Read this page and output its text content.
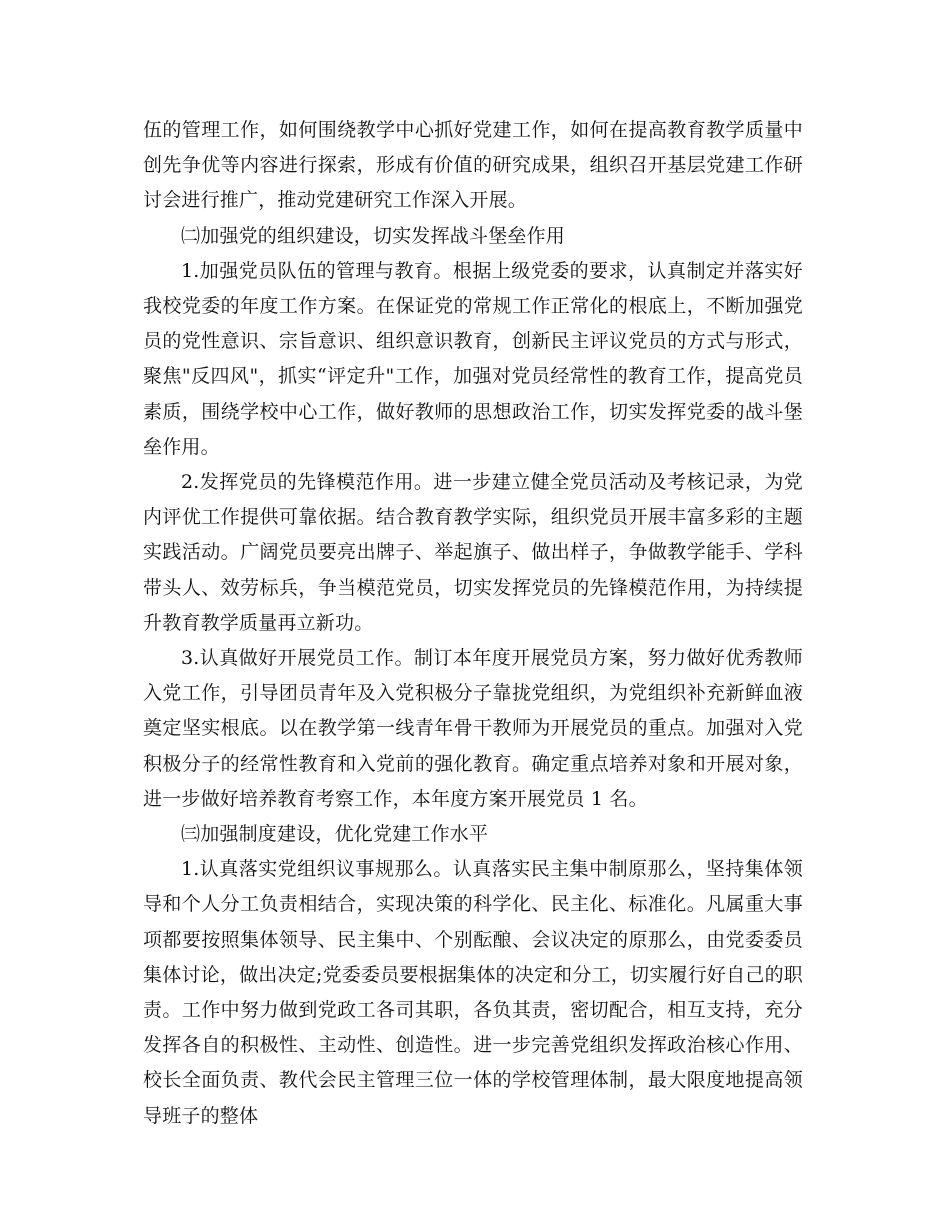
伍的管理工作，如何围绕教学中心抓好党建工作，如何在提高教育教学质量中创先争优等内容进行探索，形成有价值的研究成果，组织召开基层党建工作研讨会进行推广，推动党建研究工作深入开展。

㈡加强党的组织建设，切实发挥战斗堡垒作用

1.加强党员队伍的管理与教育。根据上级党委的要求，认真制定并落实好我校党委的年度工作方案。在保证党的常规工作正常化的根底上，不断加强党员的党性意识、宗旨意识、组织意识教育，创新民主评议党员的方式与形式，聚焦"反四风"，抓实“评定升"工作，加强对党员经常性的教育工作，提高党员素质，围绕学校中心工作，做好教师的思想政治工作，切实发挥党委的战斗堡垒作用。

2.发挥党员的先锋模范作用。进一步建立健全党员活动及考核记录，为党内评优工作提供可靠依据。结合教育教学实际，组织党员开展丰富多彩的主题实践活动。广阔党员要亮出牌子、举起旗子、做出样子，争做教学能手、学科带头人、效劳标兵，争当模范党员，切实发挥党员的先锋模范作用，为持续提升教育教学质量再立新功。

3.认真做好开展党员工作。制订本年度开展党员方案，努力做好优秀教师入党工作，引导团员青年及入党积极分子靠拢党组织，为党组织补充新鲜血液奠定坚实根底。以在教学第一线青年骨干教师为开展党员的重点。加强对入党积极分子的经常性教育和入党前的强化教育。确定重点培养对象和开展对象，进一步做好培养教育考察工作，本年度方案开展党员 1 名。

㈢加强制度建设，优化党建工作水平

1.认真落实党组织议事规那么。认真落实民主集中制原那么，坚持集体领导和个人分工负责相结合，实现决策的科学化、民主化、标准化。凡属重大事项都要按照集体领导、民主集中、个别酝酿、会议决定的原那么，由党委委员集体讨论，做出决定;党委委员要根据集体的决定和分工，切实履行好自己的职责。工作中努力做到党政工各司其职，各负其责，密切配合，相互支持，充分发挥各自的积极性、主动性、创造性。进一步完善党组织发挥政治核心作用、校长全面负责、教代会民主管理三位一体的学校管理体制，最大限度地提高领导班子的整体
